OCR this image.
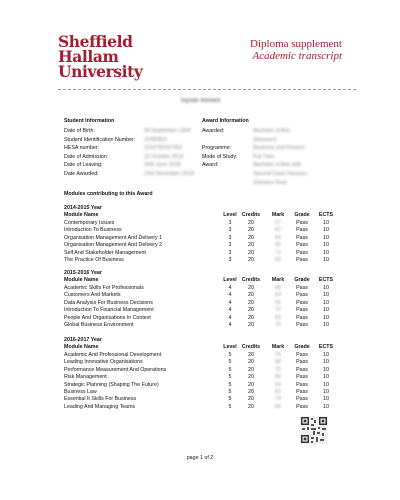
Sheffield
Hallam
University
Diploma supplement
Academic transcript
Tayiab Ahmed
Student Information
Date of Birth:	04 September 1994
Student Identification Number:	21060821
HESA number:	1210700167962
Date of Admission:	12 October 2014
Date of Leaving:	26th June 2018
Date Awarded:	23rd November 2018
Award Information
Awarded:	Bachelor of Arts (Honours)
Programme:	Business and Finance
Mode of Study:	Full Time
Award:	Bachelor of Arts with Second Class Honours (Division One)
Modules contributing to this Award
2014-2015 Year
Module Name	Level Credits	Mark	Grade	ECTS
Contemporary Issues	3	20	67	Pass	10
Introduction To Business	3	20	62	Pass	10
Organisation Management And Delivery 1	3	20	64	Pass	10
Organisation Management And Delivery 2	3	20	65	Pass	10
Self And Stakeholder Management	3	20	72	Pass	10
The Practice Of Business	3	20	60	Pass	10
2015-2016 Year
Module Name	Level Credits	Mark	Grade	ECTS
Academic Skills For Professionals	4	20	68	Pass	10
Customers And Markets	4	20	64	Pass	10
Data Analysis For Business Decisions	4	20	66	Pass	10
Introduction To Financial Management	4	20	72	Pass	10
People And Organisations In Context	4	20	63	Pass	10
Global Business Environment	4	20	70	Pass	10
2016-2017 Year
Module Name	Level Credits	Mark	Grade	ECTS
Academic And Professional Development	5	20	75	Pass	10
Leading Innovative Organisations	5	20	68	Pass	10
Performance Measurement And Operations	5	20	70	Pass	10
Risk Management	5	20	66	Pass	10
Strategic Planning (Shaping The Future)	5	20	64	Pass	10
Business Law	5	20	62	Pass	10
Essential It Skills For Business	5	20	74	Pass	10
Leading And Managing Teams	5	20	69	Pass	10
page 1 of 2
